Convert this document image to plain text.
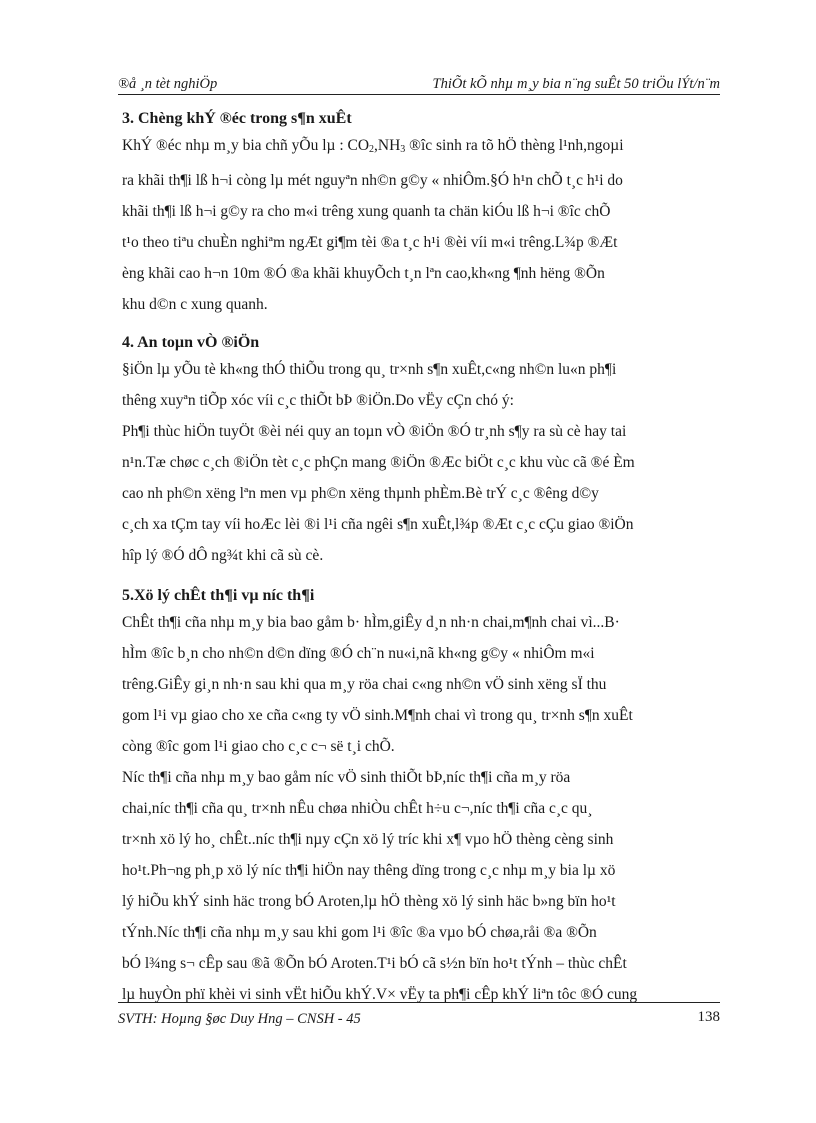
®å ¸n tèt nghiÖp	ThiÕt kÕ nhµ m¸y bia n¨ng suÊt 50 triÖu lÝt/n¨m

3. Chèng khÝ ®éc trong s¶n xuÊt

KhÝ ®éc nhµ m¸y bia chñ yÕu lµ : $CO_2,NH_3$ ®îc sinh ra tõ hÖ thèng l¹nh,ngoµi
ra khãi th¶i lß h¬i còng lµ mét nguyªn nh©n g©y « nhiÔm.§Ó h¹n chÕ t¸c h¹i do
khãi th¶i lß h¬i g©y ra cho m«i trêng xung quanh ta chän kiÓu lß h¬i ®îc chÕ
t¹o theo tiªu chuÈn nghiªm ngÆt gi¶m tèi ®a t¸c h¹i ®èi víi m«i trêng.L¾p ®Æt
èng khãi cao h¬n 10m ®Ó ®a khãi khuyÕch t¸n lªn cao,kh«ng ¶nh hëng ®Õn
khu d©n c xung quanh.

4. An toµn vÒ ®iÖn

§iÖn lµ yÕu tè kh«ng thÓ thiÕu trong qu¸ tr×nh s¶n xuÊt,c«ng nh©n lu«n ph¶i
thêng xuyªn tiÕp xóc víi c¸c thiÕt bÞ ®iÖn.Do vËy cÇn chó ý:
Ph¶i thùc hiÖn tuyÖt ®èi néi quy an toµn vÒ ®iÖn ®Ó tr¸nh s¶y ra sù cè hay tai
n¹n.Tæ chøc c¸ch ®iÖn tèt c¸c phÇn mang ®iÖn ®Æc biÖt c¸c khu vùc cã ®é Èm
cao nh ph©n xëng lªn men vµ ph©n xëng thµnh phÈm.Bè trÝ c¸c ®êng d©y
c¸ch xa tÇm tay víi hoÆc lèi ®i l¹i cña ngêi s¶n xuÊt,l¾p ®Æt c¸c cÇu giao ®iÖn
hîp lý ®Ó dÔ ng¾t khi cã sù cè.

5.Xö lý chÊt th¶i vµ níc th¶i

ChÊt th¶i cña nhµ m¸y bia bao gåm b· hÌm,giÊy d¸n nh·n chai,m¶nh chai vì...B·
hÌm ®îc b¸n cho nh©n d©n dïng ®Ó ch¨n nu«i,nã kh«ng g©y « nhiÔm m«i
trêng.GiÊy gi¸n nh·n sau khi qua m¸y röa chai c«ng nh©n vÖ sinh xëng sÏ thu
gom l¹i vµ giao cho xe cña c«ng ty vÖ sinh.M¶nh chai vì trong qu¸ tr×nh s¶n xuÊt
còng ®îc gom l¹i giao cho c¸c c¬ së t¸i chÕ.
Níc th¶i cña nhµ m¸y bao gåm níc vÖ sinh thiÕt bÞ,níc th¶i cña m¸y röa
chai,níc th¶i cña qu¸ tr×nh nÊu chøa nhiÒu chÊt h÷u c¬,níc th¶i cña c¸c qu¸
tr×nh xö lý ho¸ chÊt..níc th¶i nµy cÇn xö lý tríc khi x¶ vµo hÖ thèng cèng sinh
ho¹t.Ph¬ng ph¸p xö lý níc th¶i hiÖn nay thêng dïng trong c¸c nhµ m¸y bia lµ xö
lý hiÕu khÝ sinh häc trong bÓ Aroten,lµ hÖ thèng xö lý sinh häc b»ng bïn ho¹t
tÝnh.Níc th¶i cña nhµ m¸y sau khi gom l¹i ®îc ®a vµo bÓ chøa,råi ®a ®Õn
bÓ l¾ng s¬ cÊp sau ®ã ®Õn bÓ Aroten.T¹i bÓ cã s½n bïn ho¹t tÝnh – thùc chÊt
lµ huyÒn phï khèi vi sinh vËt hiÕu khÝ.V× vËy ta ph¶i cÊp khÝ liªn tôc ®Ó cung

SVTH: Hoµng §øc Duy Hng – CNSH - 45	138
